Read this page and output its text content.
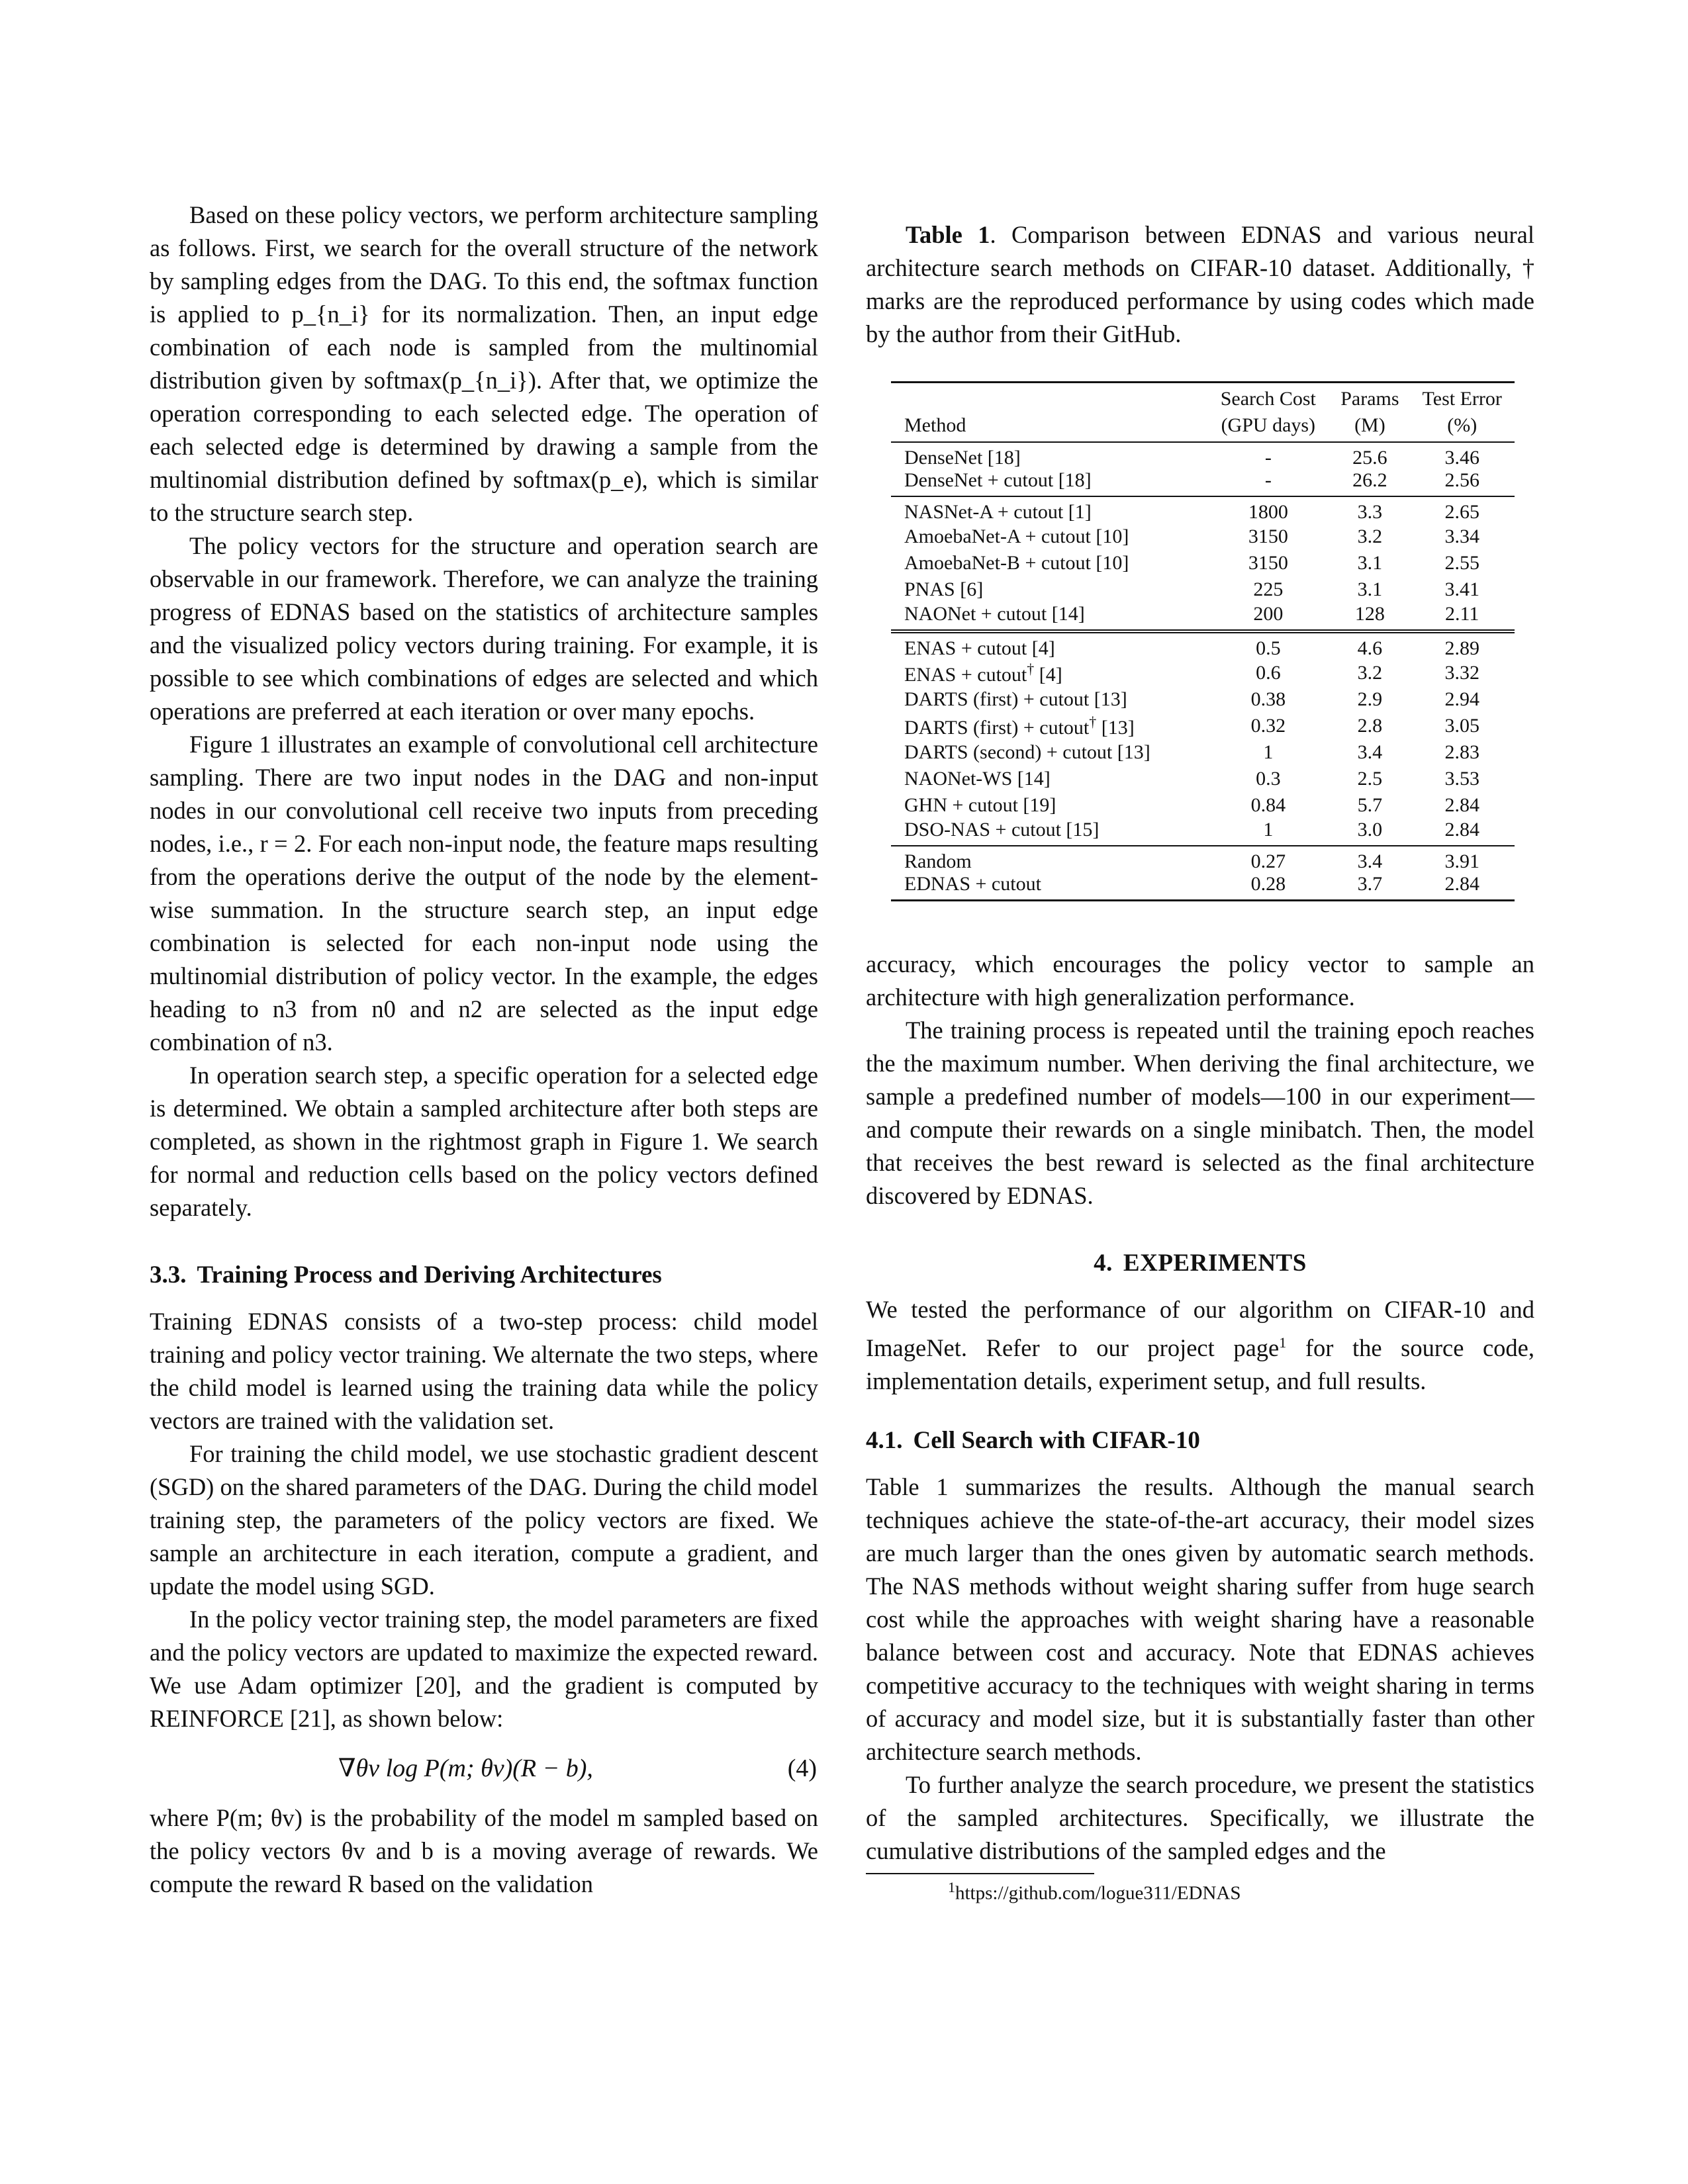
Based on these policy vectors, we perform architecture sampling as follows. First, we search for the overall structure of the network by sampling edges from the DAG. To this end, the softmax function is applied to p_{n_i} for its normalization. Then, an input edge combination of each node is sampled from the multinomial distribution given by softmax(p_{n_i}). After that, we optimize the operation corresponding to each selected edge. The operation of each selected edge is determined by drawing a sample from the multinomial distribution defined by softmax(p_e), which is similar to the structure search step.

The policy vectors for the structure and operation search are observable in our framework. Therefore, we can analyze the training progress of EDNAS based on the statistics of architecture samples and the visualized policy vectors during training. For example, it is possible to see which combinations of edges are selected and which operations are preferred at each iteration or over many epochs.

Figure 1 illustrates an example of convolutional cell architecture sampling. There are two input nodes in the DAG and non-input nodes in our convolutional cell receive two inputs from preceding nodes, i.e., r = 2. For each non-input node, the feature maps resulting from the operations derive the output of the node by the element-wise summation. In the structure search step, an input edge combination is selected for each non-input node using the multinomial distribution of policy vector. In the example, the edges heading to n3 from n0 and n2 are selected as the input edge combination of n3.

In operation search step, a specific operation for a selected edge is determined. We obtain a sampled architecture after both steps are completed, as shown in the rightmost graph in Figure 1. We search for normal and reduction cells based on the policy vectors defined separately.

3.3. Training Process and Deriving Architectures

Training EDNAS consists of a two-step process: child model training and policy vector training. We alternate the two steps, where the child model is learned using the training data while the policy vectors are trained with the validation set.

For training the child model, we use stochastic gradient descent (SGD) on the shared parameters of the DAG. During the child model training step, the parameters of the policy vectors are fixed. We sample an architecture in each iteration, compute a gradient, and update the model using SGD.

In the policy vector training step, the model parameters are fixed and the policy vectors are updated to maximize the expected reward. We use Adam optimizer [20], and the gradient is computed by REINFORCE [21], as shown below:

∇θv log P(m; θv)(R − b),	(4)

where P(m; θv) is the probability of the model m sampled based on the policy vectors θv and b is a moving average of rewards. We compute the reward R based on the validation

Table 1. Comparison between EDNAS and various neural architecture search methods on CIFAR-10 dataset. Additionally, † marks are the reproduced performance by using codes which made by the author from their GitHub.

	Search Cost	Params	Test Error
Method	(GPU days)	(M)	(%)
DenseNet [18]	-	25.6	3.46
DenseNet + cutout [18]	-	26.2	2.56
NASNet-A + cutout [1]	1800	3.3	2.65
AmoebaNet-A + cutout [10]	3150	3.2	3.34
AmoebaNet-B + cutout [10]	3150	3.1	2.55
PNAS [6]	225	3.1	3.41
NAONet + cutout [14]	200	128	2.11
ENAS + cutout [4]	0.5	4.6	2.89
ENAS + cutout† [4]	0.6	3.2	3.32
DARTS (first) + cutout [13]	0.38	2.9	2.94
DARTS (first) + cutout† [13]	0.32	2.8	3.05
DARTS (second) + cutout [13]	1	3.4	2.83
NAONet-WS [14]	0.3	2.5	3.53
GHN + cutout [19]	0.84	5.7	2.84
DSO-NAS + cutout [15]	1	3.0	2.84
Random	0.27	3.4	3.91
EDNAS + cutout	0.28	3.7	2.84

accuracy, which encourages the policy vector to sample an architecture with high generalization performance.

The training process is repeated until the training epoch reaches the the maximum number. When deriving the final architecture, we sample a predefined number of models—100 in our experiment—and compute their rewards on a single minibatch. Then, the model that receives the best reward is selected as the final architecture discovered by EDNAS.

4. EXPERIMENTS

We tested the performance of our algorithm on CIFAR-10 and ImageNet. Refer to our project page$^1$ for the source code, implementation details, experiment setup, and full results.

4.1. Cell Search with CIFAR-10

Table 1 summarizes the results. Although the manual search techniques achieve the state-of-the-art accuracy, their model sizes are much larger than the ones given by automatic search methods. The NAS methods without weight sharing suffer from huge search cost while the approaches with weight sharing have a reasonable balance between cost and accuracy. Note that EDNAS achieves competitive accuracy to the techniques with weight sharing in terms of accuracy and model size, but it is substantially faster than other architecture search methods.

To further analyze the search procedure, we present the statistics of the sampled architectures. Specifically, we illustrate the cumulative distributions of the sampled edges and the

$^1$https://github.com/logue311/EDNAS
